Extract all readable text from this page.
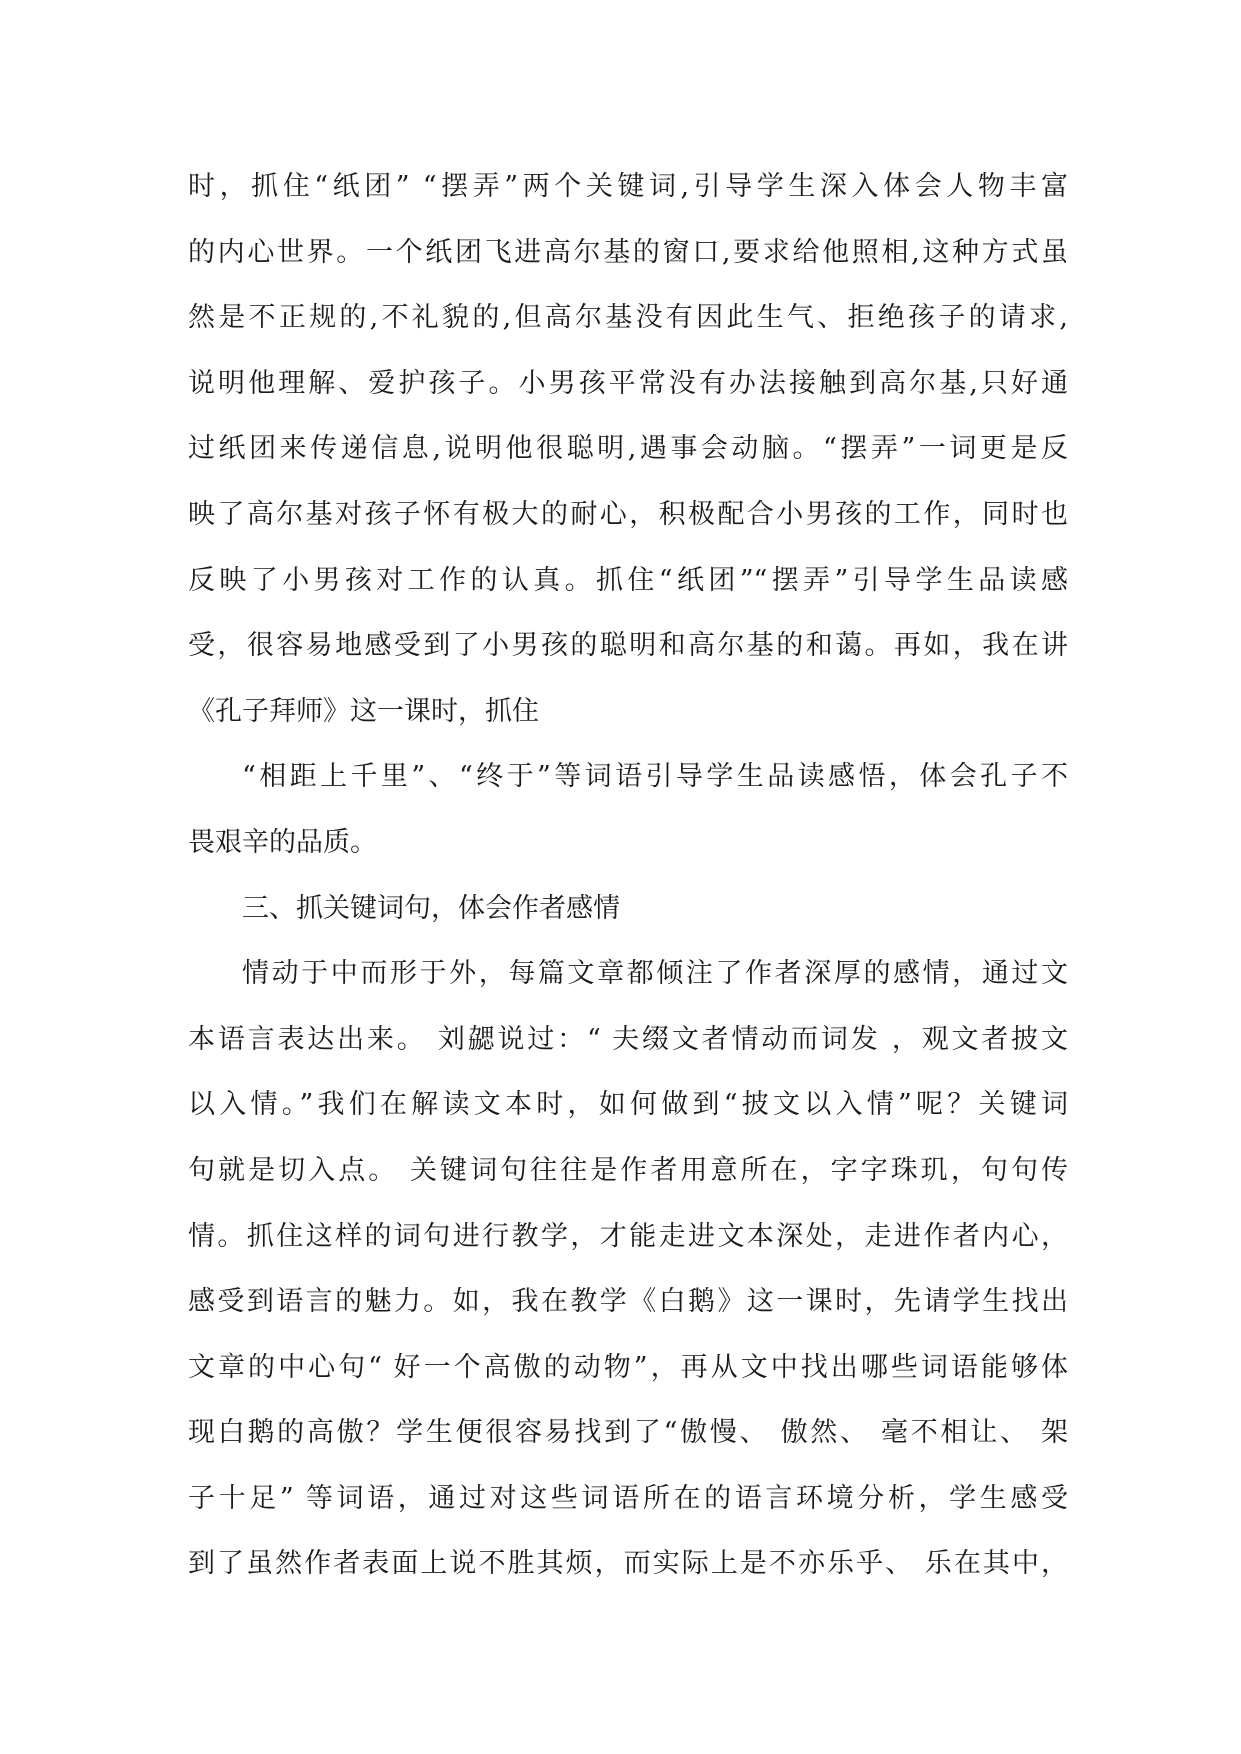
时，抓住“纸团” “摆弄”两个关键词,引导学生深入体会人物丰富
的内心世界。一个纸团飞进高尔基的窗口,要求给他照相,这种方式虽
然是不正规的,不礼貌的,但高尔基没有因此生气、拒绝孩子的请求,
说明他理解、爱护孩子。小男孩平常没有办法接触到高尔基,只好通
过纸团来传递信息,说明他很聪明,遇事会动脑。“摆弄”一词更是反
映了高尔基对孩子怀有极大的耐心，积极配合小男孩的工作，同时也
反映了小男孩对工作的认真。抓住“纸团”“摆弄”引导学生品读感
受，很容易地感受到了小男孩的聪明和高尔基的和蔼。再如，我在讲
《孔子拜师》这一课时，抓住
“相距上千里”、“终于”等词语引导学生品读感悟，体会孔子不
畏艰辛的品质。
三、抓关键词句，体会作者感情
情动于中而形于外，每篇文章都倾注了作者深厚的感情，通过文
本语言表达出来。 刘勰说过：“ 夫缀文者情动而词发 ，观文者披文
以入情。”我们在解读文本时，如何做到“披文以入情”呢？关键词
句就是切入点。 关键词句往往是作者用意所在，字字珠玑，句句传
情。抓住这样的词句进行教学，才能走进文本深处，走进作者内心，
感受到语言的魅力。如，我在教学《白鹅》这一课时，先请学生找出
文章的中心句“ 好一个高傲的动物”，再从文中找出哪些词语能够体
现白鹅的高傲？学生便很容易找到了“傲慢、 傲然、 毫不相让、 架
子十足” 等词语，通过对这些词语所在的语言环境分析，学生感受
到了虽然作者表面上说不胜其烦，而实际上是不亦乐乎、 乐在其中，
